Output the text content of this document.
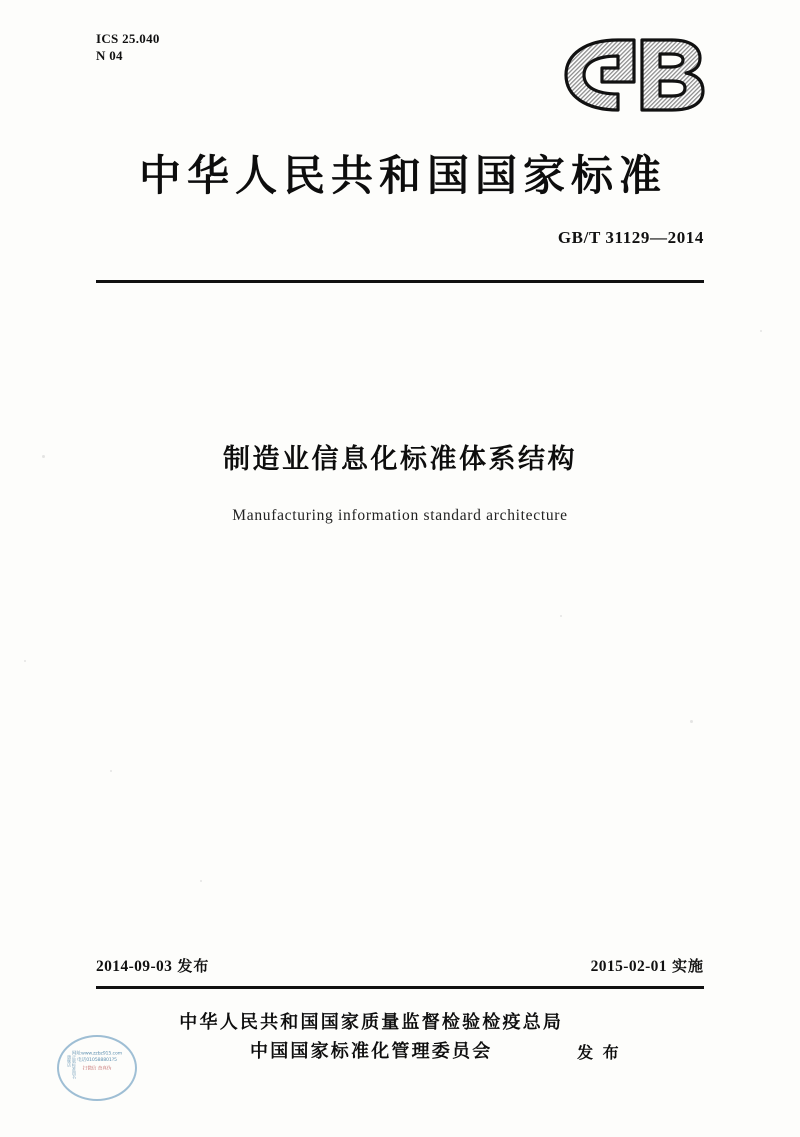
ICS 25.040
N 04
中华人民共和国国家标准
GB/T 31129—2014
制造业信息化标准体系结构
Manufacturing information standard architecture
2014-09-03 发布	2015-02-01 实施
中华人民共和国国家质量监督检验检疫总局
中国国家标准化管理委员会	发 布
正版标准图书旗舰店
网址www.zzbz915.com
电话010588801?5
扫微信 查真伪
